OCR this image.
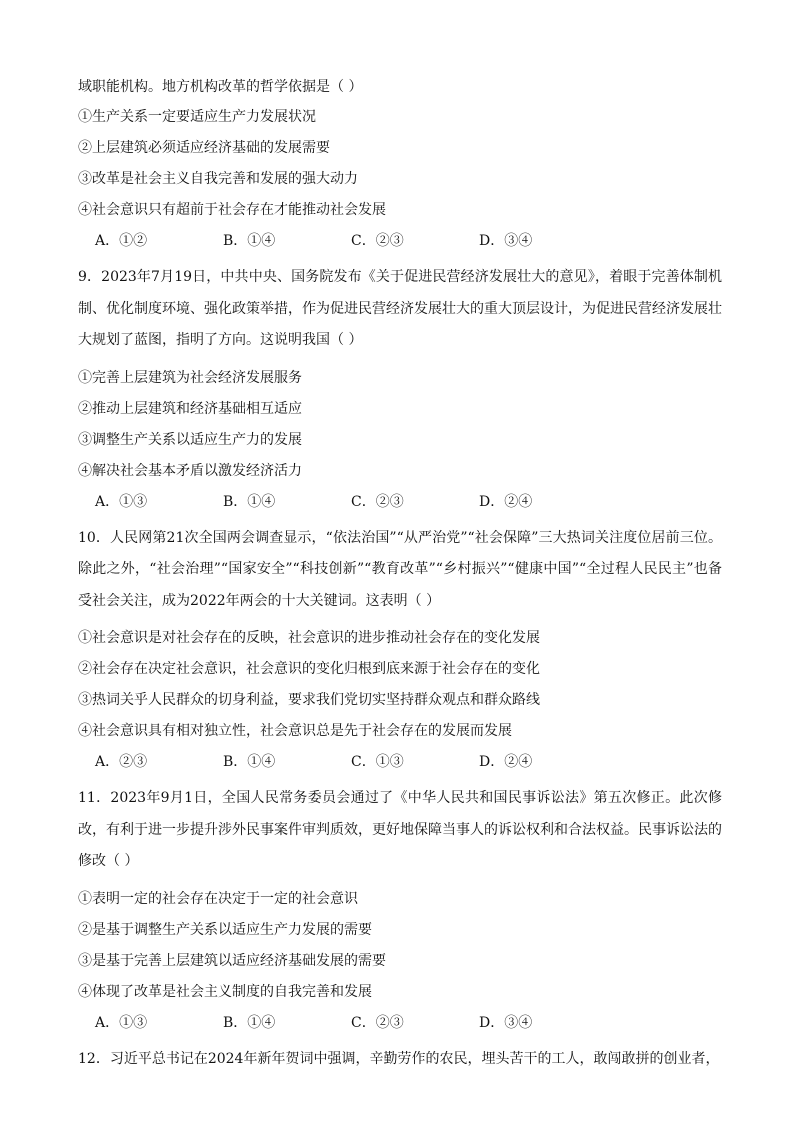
域职能机构。地方机构改革的哲学依据是（ ）
①生产关系一定要适应生产力发展状况
②上层建筑必须适应经济基础的发展需要
③改革是社会主义自我完善和发展的强大动力
④社会意识只有超前于社会存在才能推动社会发展
A．①②	B．①④	C．②③	D．③④
9．2023年7月19日，中共中央、国务院发布《关于促进民营经济发展壮大的意见》，着眼于完善体制机制、优化制度环境、强化政策举措，作为促进民营经济发展壮大的重大顶层设计，为促进民营经济发展壮大规划了蓝图，指明了方向。这说明我国（ ）
①完善上层建筑为社会经济发展服务
②推动上层建筑和经济基础相互适应
③调整生产关系以适应生产力的发展
④解决社会基本矛盾以激发经济活力
A．①③	B．①④	C．②③	D．②④
10．人民网第21次全国两会调查显示，“依法治国”“从严治党”“社会保障”三大热词关注度位居前三位。除此之外，“社会治理”“国家安全”“科技创新”“教育改革”“乡村振兴”“健康中国”“全过程人民民主”也备受社会关注，成为2022年两会的十大关键词。这表明（ ）
①社会意识是对社会存在的反映，社会意识的进步推动社会存在的变化发展
②社会存在决定社会意识，社会意识的变化归根到底来源于社会存在的变化
③热词关乎人民群众的切身利益，要求我们党切实坚持群众观点和群众路线
④社会意识具有相对独立性，社会意识总是先于社会存在的发展而发展
A．②③	B．①④	C．①③	D．②④
11．2023年9月1日，全国人民常务委员会通过了《中华人民共和国民事诉讼法》第五次修正。此次修改，有利于进一步提升涉外民事案件审判质效，更好地保障当事人的诉讼权利和合法权益。民事诉讼法的修改（ ）
①表明一定的社会存在决定于一定的社会意识
②是基于调整生产关系以适应生产力发展的需要
③是基于完善上层建筑以适应经济基础发展的需要
④体现了改革是社会主义制度的自我完善和发展
A．①③	B．①④	C．②③	D．③④
12．习近平总书记在2024年新年贺词中强调，辛勤劳作的农民，埋头苦干的工人，敢闯敢拼的创业者，
